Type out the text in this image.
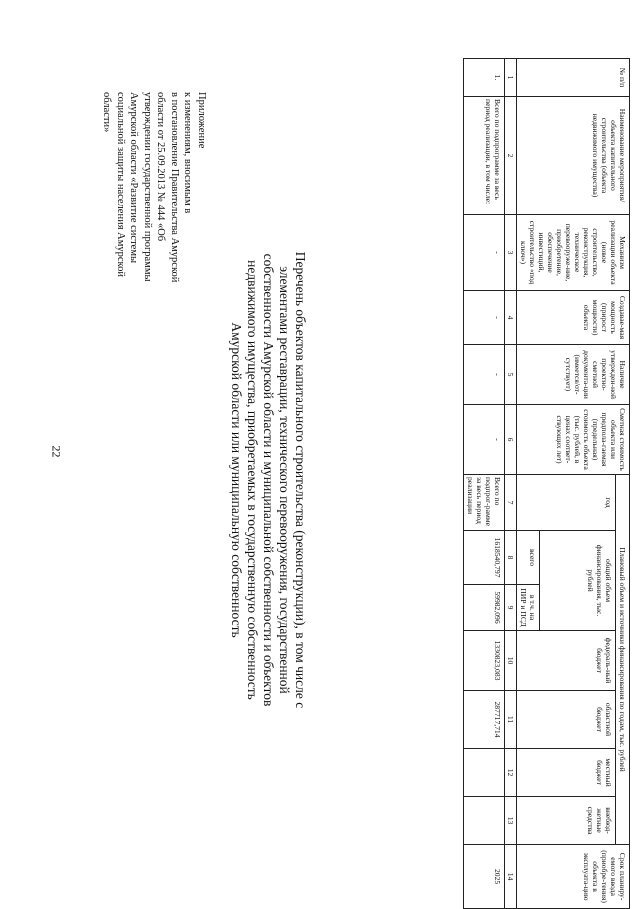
22
Приложение
к изменениям, вносимым в
в постановление Правительства Амурской
области от 25.09.2013 № 444 «Об
утверждении государственной программы
Амурской области «Развитие системы
социальной защиты населения Амурской
области»
Перечень объектов капитального строительства (реконструкции), в том числе с элементами реставрации, технического перевооружения, государственной собственности Амурской области и муниципальной собственности и объектов недвижимого имущества, приобретаемых в государственную собственность Амурской области или муниципальную собственность
№ п/п	Наименование мероприятия/объекта капитального строительства (объекта недвижимого имущества)	Механизм реализации объекта (новое строительство, реконструкция, техническое перевооруже-ние, приобретение, обеспечение инвестиций, строительство «под ключ»)	Создавае-мая мощность (прирост мощности) объекта	Наличие утвержден-ной проектно-сметной документа-ции (имеется/от-сутствует)	Сметная стоимость объекта или предпола-гаемая (предельная) стоимость объекта (тыс. рублей, в ценах соответ-ствующих лет)	Плановый объем и источники финансирования по годам, тыс. рублей							Срок планиру-емого ввода (приобре-тения) объекта в эксплуата-цию
						год	общий объем финансирования, тыс. рублей		федераль-ный бюджет	областной бюджет	местный бюджет	внебюд-жетные средства	
							всего	в т.ч. на ПИР и ПСД					
1	2	3	4	5	6	7	8	9	10	11	12	13	14
1.	Всего по подпрограмме за весь период реализации, в том числе:	-	-	-	-	Всего по подпрог-рамме за весь период реализации	1618540,797	59982,096	1330823,083	287717,714			2025
